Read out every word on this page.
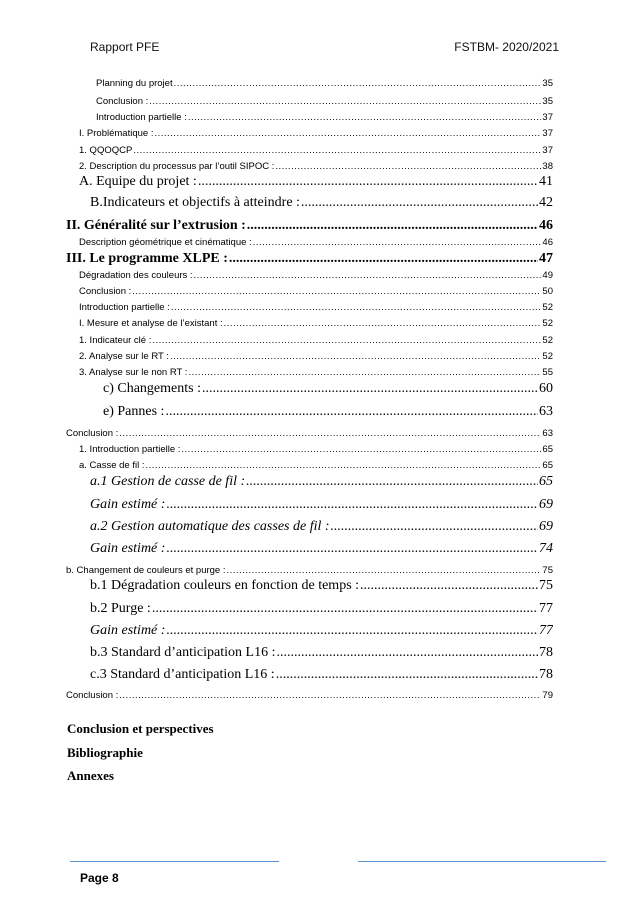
Rapport PFE	FSTBM- 2020/2021
Planning du projet .....	35
Conclusion : .....	35
Introduction partielle : .....	37
I. Problématique : .....	37
1. QQOQCP .....	37
2. Description du processus par l’outil SIPOC : .....	38
A. Equipe du projet : .....	41
B.Indicateurs et objectifs à atteindre : .....	42
II. Généralité sur l’extrusion : .....	46
Description géométrique et cinématique : .....	46
III. Le programme XLPE : .....	47
Dégradation des couleurs : .....	49
Conclusion : .....	50
Introduction partielle : .....	52
I. Mesure et analyse de l’existant : .....	52
1. Indicateur clé : .....	52
2. Analyse sur le RT : .....	52
3. Analyse sur le non RT : .....	55
c) Changements : .....	60
e) Pannes : .....	63
Conclusion : .....	63
1. Introduction partielle : .....	65
a. Casse de fil : .....	65
a.1 Gestion de casse de fil : .....	65
Gain estimé : .....	69
a.2 Gestion automatique des casses de fil : .....	69
Gain estimé : .....	74
b. Changement de couleurs et purge : .....	75
b.1 Dégradation couleurs en fonction de temps : .....	75
b.2 Purge : .....	77
Gain estimé : .....	77
b.3 Standard d’anticipation L16 : .....	78
c.3 Standard d’anticipation L16 : .....	78
Conclusion : .....	79
Conclusion et perspectives
Bibliographie
Annexes
Page 8
